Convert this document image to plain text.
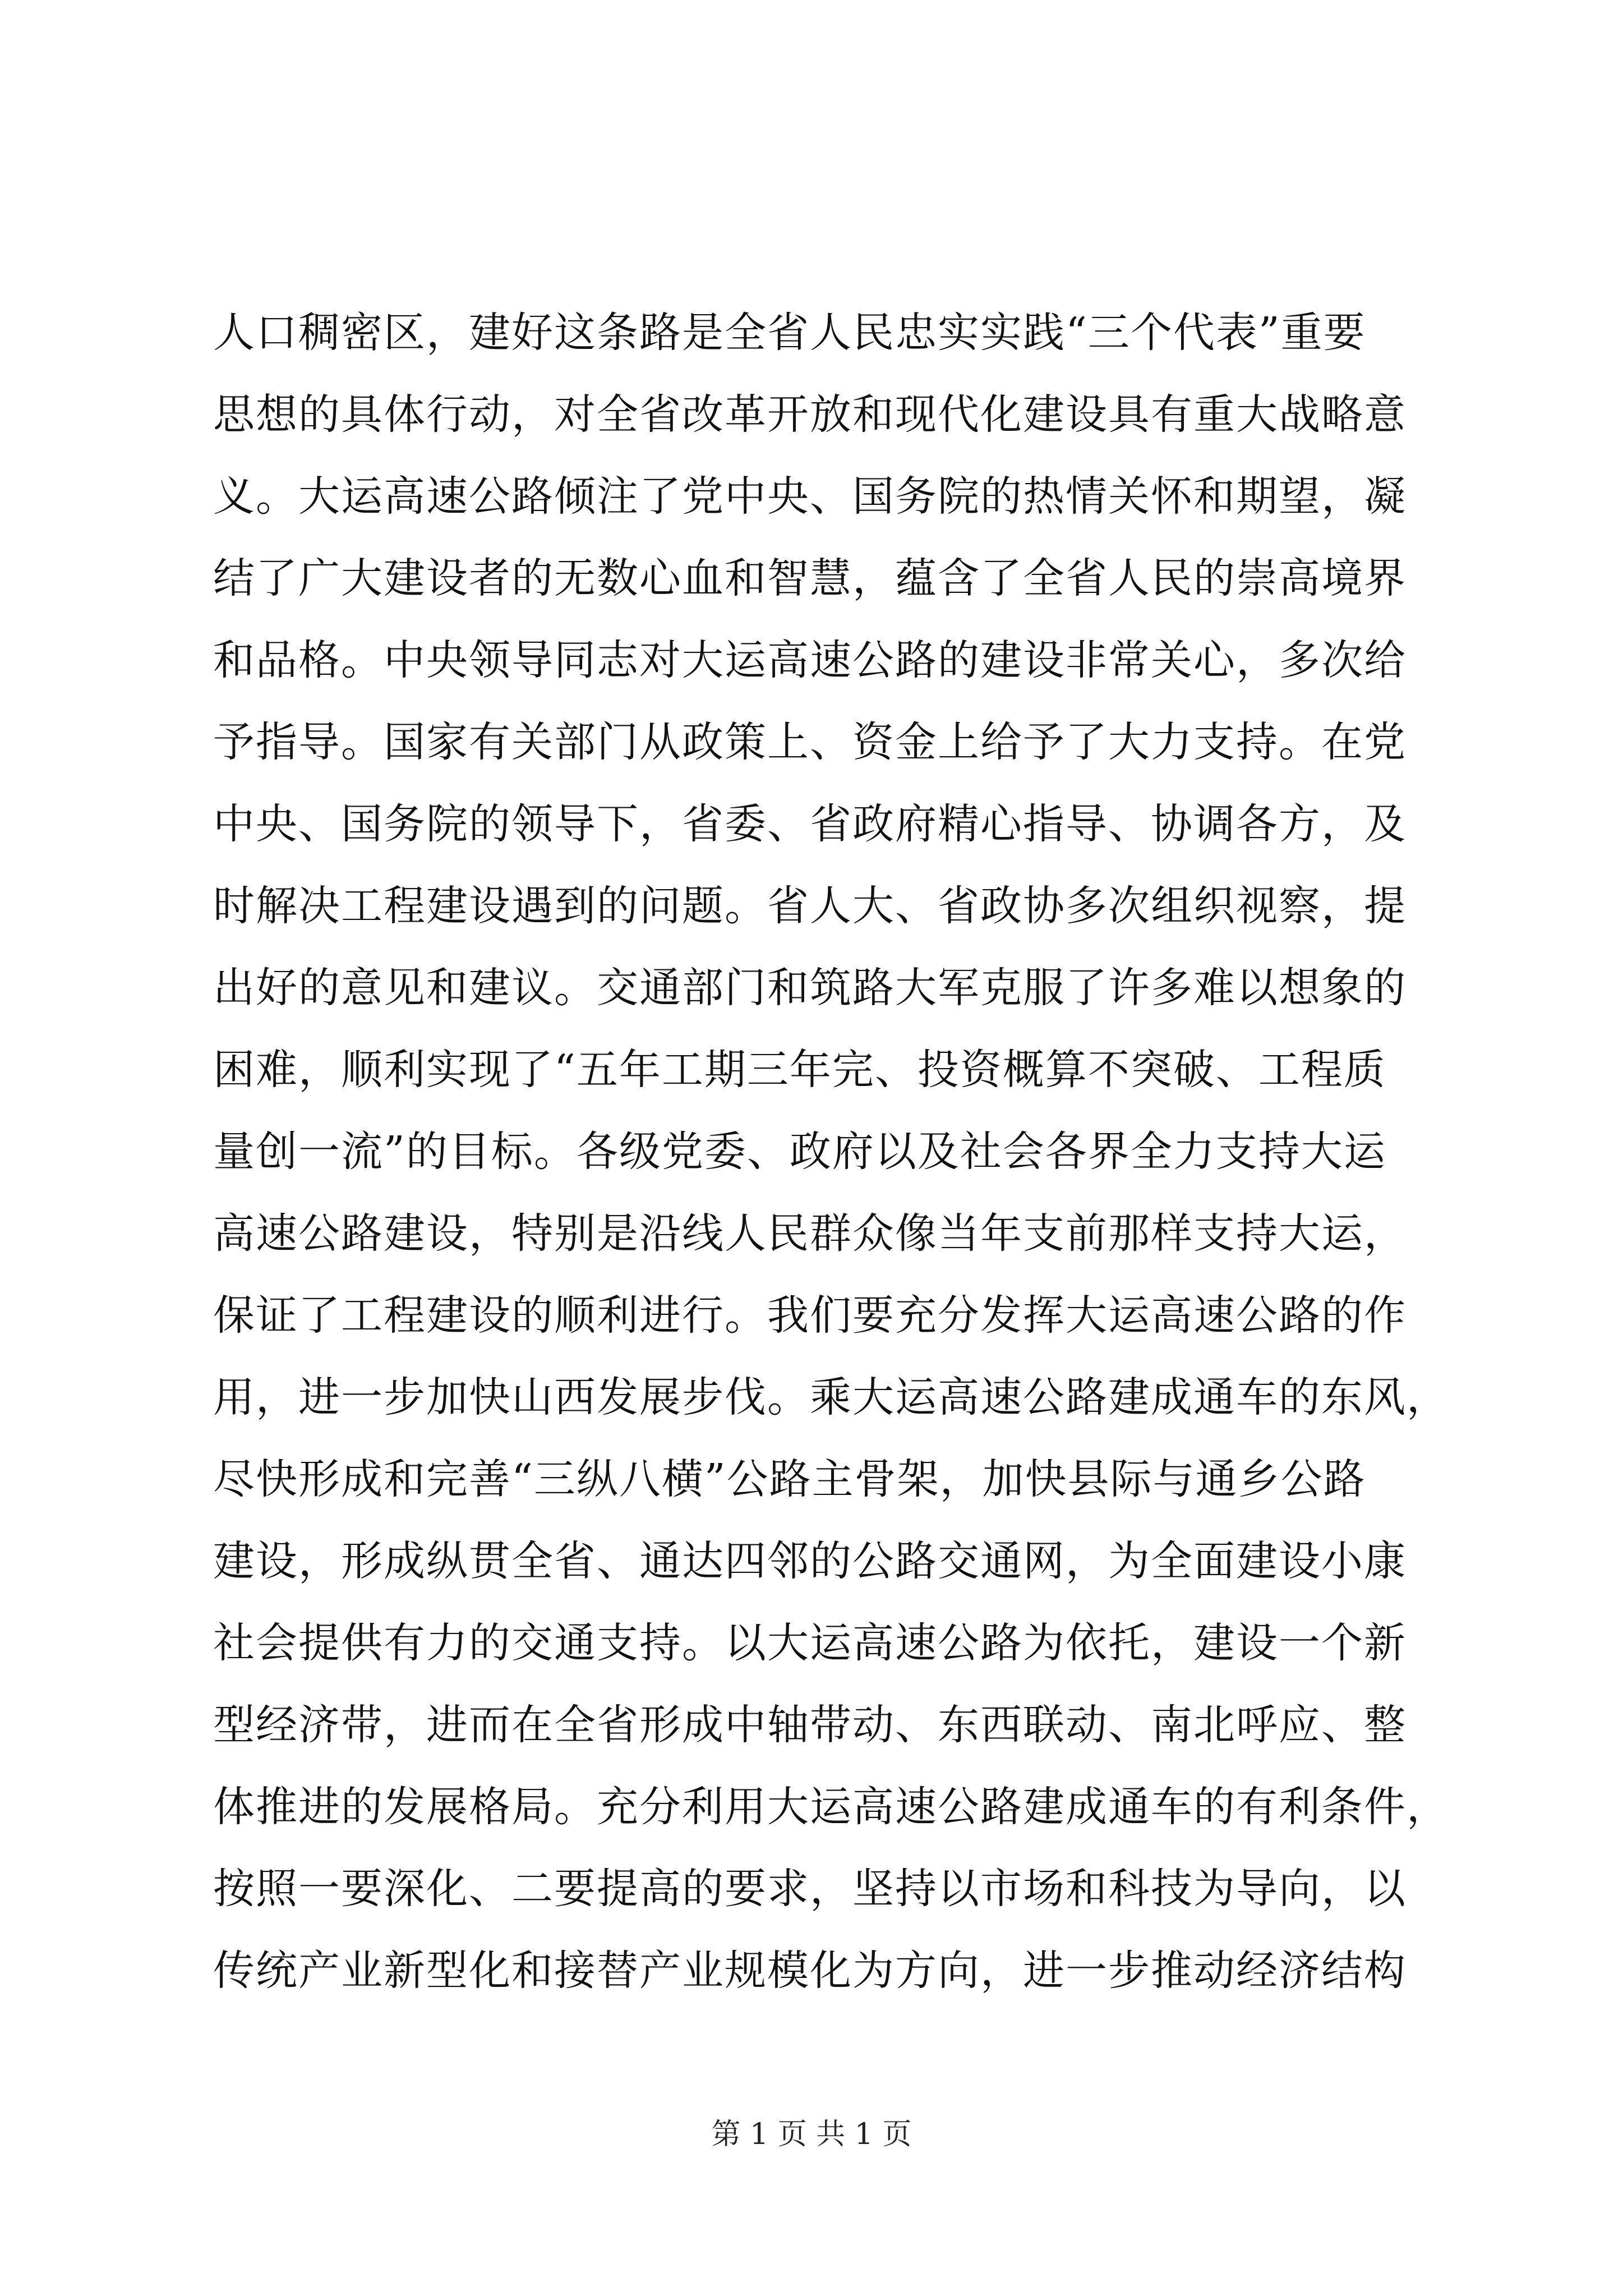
人口稠密区，建好这条路是全省人民忠实实践“三个代表”重要
思想的具体行动，对全省改革开放和现代化建设具有重大战略意
义。大运高速公路倾注了党中央、国务院的热情关怀和期望，凝
结了广大建设者的无数心血和智慧，蕴含了全省人民的崇高境界
和品格。中央领导同志对大运高速公路的建设非常关心，多次给
予指导。国家有关部门从政策上、资金上给予了大力支持。在党
中央、国务院的领导下，省委、省政府精心指导、协调各方，及
时解决工程建设遇到的问题。省人大、省政协多次组织视察，提
出好的意见和建议。交通部门和筑路大军克服了许多难以想象的
困难，顺利实现了“五年工期三年完、投资概算不突破、工程质
量创一流”的目标。各级党委、政府以及社会各界全力支持大运
高速公路建设，特别是沿线人民群众像当年支前那样支持大运，
保证了工程建设的顺利进行。我们要充分发挥大运高速公路的作
用，进一步加快山西发展步伐。乘大运高速公路建成通车的东风，
尽快形成和完善“三纵八横”公路主骨架，加快县际与通乡公路
建设，形成纵贯全省、通达四邻的公路交通网，为全面建设小康
社会提供有力的交通支持。以大运高速公路为依托，建设一个新
型经济带，进而在全省形成中轴带动、东西联动、南北呼应、整
体推进的发展格局。充分利用大运高速公路建成通车的有利条件，
按照一要深化、二要提高的要求，坚持以市场和科技为导向，以
传统产业新型化和接替产业规模化为方向，进一步推动经济结构
第 1 页 共 1 页
